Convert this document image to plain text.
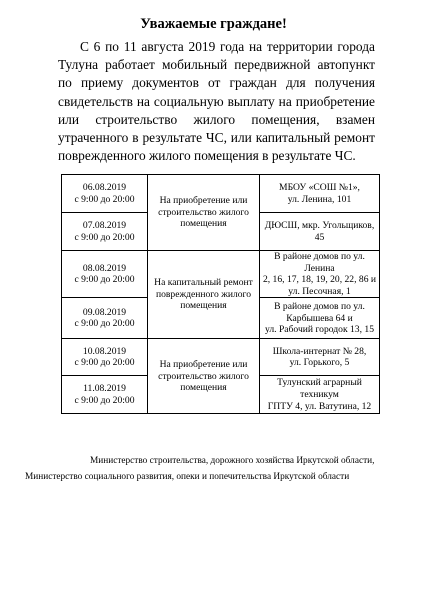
Уважаемые граждане!

С 6 по 11 августа 2019 года на территории города Тулуна работает мобильный передвижной автопункт по приему документов от граждан для получения свидетельств на социальную выплату на приобретение или строительство жилого помещения, взамен утраченного в результате ЧС, или капитальный ремонт поврежденного жилого помещения в результате ЧС.

06.08.2019
с 9:00 до 20:00	На приобретение или
строительство жилого
помещения	МБОУ «СОШ №1»,
ул. Ленина, 101

07.08.2019
с 9:00 до 20:00		ДЮСШ, мкр. Угольщиков, 45

08.08.2019
с 9:00 до 20:00	На капитальный ремонт
поврежденного жилого
помещения	В районе домов по ул. Ленина
2, 16, 17, 18, 19, 20, 22, 86 и
ул. Песочная, 1

09.08.2019
с 9:00 до 20:00		В районе домов по ул.
Карбышева 64 и
ул. Рабочий городок 13, 15

10.08.2019
с 9:00 до 20:00	На приобретение или
строительство жилого
помещения	Школа-интернат № 28,
ул. Горького, 5

11.08.2019
с 9:00 до 20:00		Тулунский аграрный техникум
ГПТУ 4, ул. Ватутина, 12
Министерство строительства, дорожного хозяйства Иркутской области,
Министерство социального развития, опеки и попечительства Иркутской области
